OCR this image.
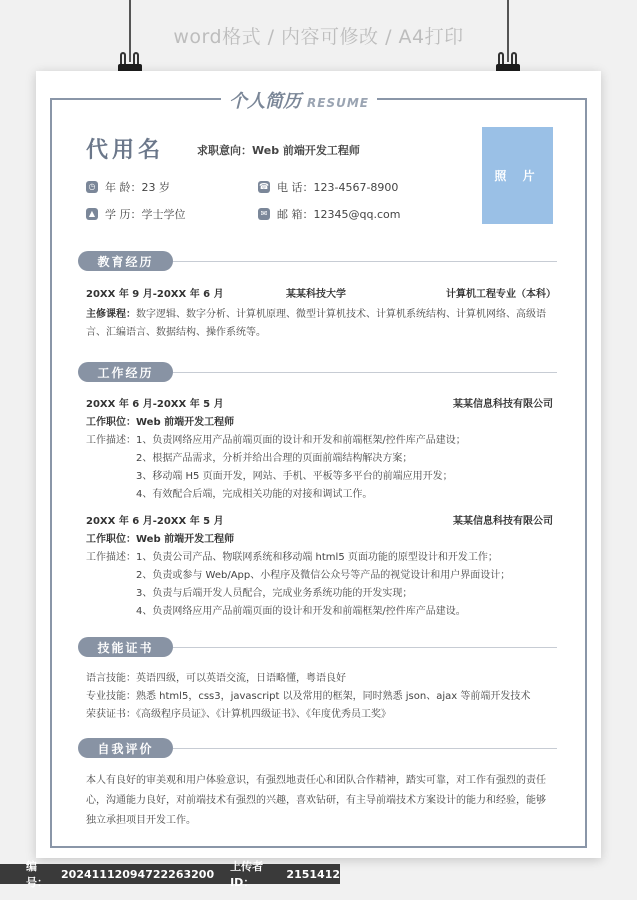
word格式 / 内容可修改 / A4打印
个人简历 RESUME
代用名	求职意向：Web 前端开发工程师
照 片
◷ 年 龄：23 岁	☎ 电 话：123-4567-8900
▲ 学 历：学士学位	✉ 邮 箱：12345@qq.com
教育经历
20XX 年 9 月-20XX 年 6 月	某某科技大学	计算机工程专业（本科）
主修课程：数字逻辑、数字分析、计算机原理、微型计算机技术、计算机系统结构、计算机网络、高级语
言、汇编语言、数据结构、操作系统等。
工作经历
20XX 年 6 月-20XX 年 5 月	某某信息科技有限公司
工作职位：Web 前端开发工程师
工作描述： 1、负责网络应用产品前端页面的设计和开发和前端框架/控件库产品建设；
2、根据产品需求，分析并给出合理的页面前端结构解决方案；
3、移动端 H5 页面开发，网站、手机、平板等多平台的前端应用开发；
4、有效配合后端，完成相关功能的对接和调试工作。
20XX 年 6 月-20XX 年 5 月	某某信息科技有限公司
工作职位：Web 前端开发工程师
工作描述： 1、负责公司产品、物联网系统和移动端 html5 页面功能的原型设计和开发工作；
2、负责或参与 Web/App、小程序及微信公众号等产品的视觉设计和用户界面设计；
3、负责与后端开发人员配合，完成业务系统功能的开发实现；
4、负责网络应用产品前端页面的设计和开发和前端框架/控件库产品建设。
技能证书
语言技能：英语四级，可以英语交流，日语略懂，粤语良好
专业技能：熟悉 html5，css3，javascript 以及常用的框架，同时熟悉 json、ajax 等前端开发技术
荣获证书：《高级程序员证》、《计算机四级证书》、《年度优秀员工奖》
自我评价
本人有良好的审美观和用户体验意识，有强烈地责任心和团队合作精神，踏实可靠，对工作有强烈的责任
心，沟通能力良好，对前端技术有强烈的兴趣，喜欢钻研，有主导前端技术方案设计的能力和经验，能够
独立承担项目开发工作。
编号：
20241112094722263200
上传者ID：
2151412
